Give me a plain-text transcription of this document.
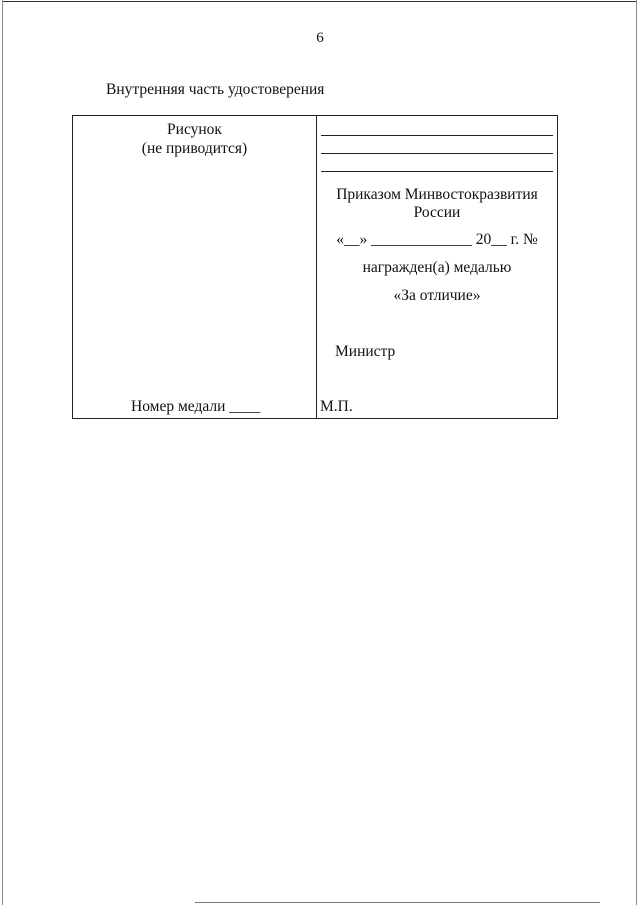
6
Внутренняя часть удостоверения
Рисунок
(не приводится)
Номер медали ____
Приказом Минвостокразвития
России
«__» _____________ 20__ г. №
награжден(а) медалью
«За отличие»
Министр
М.П.
